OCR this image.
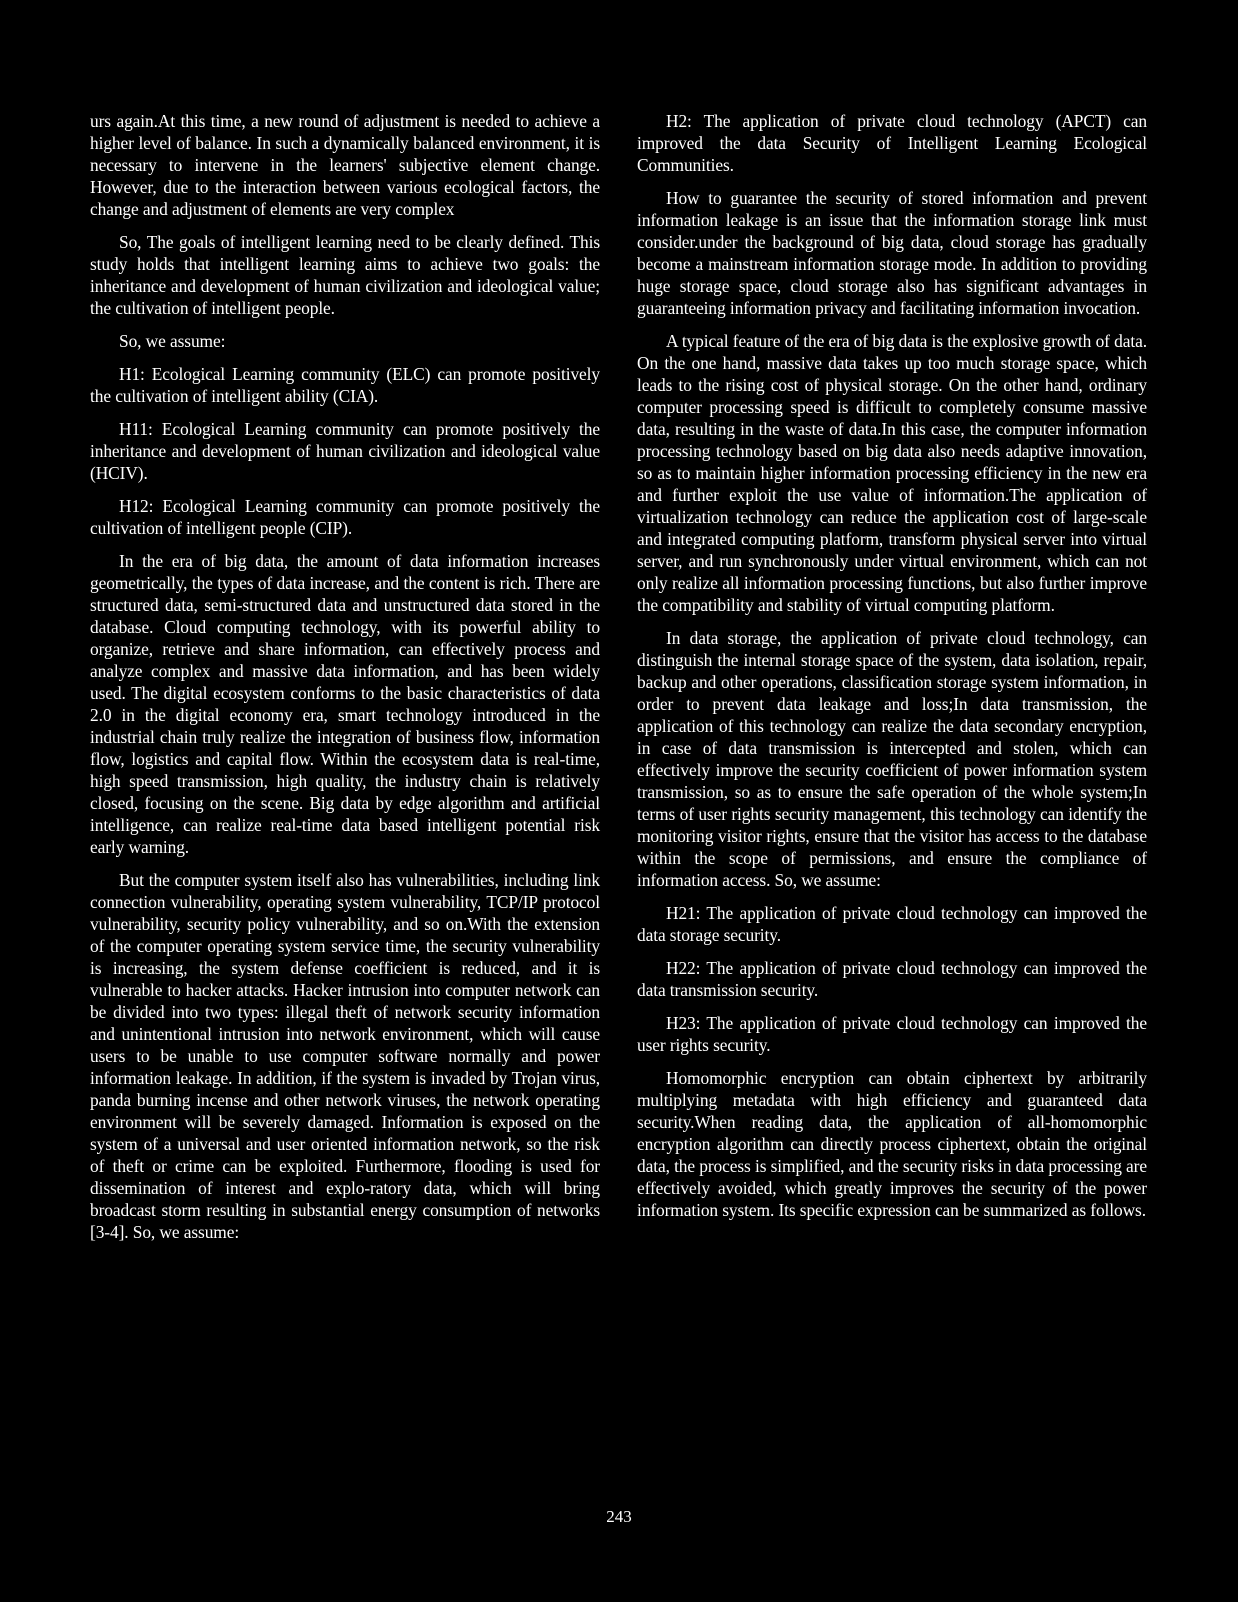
urs again.At this time, a new round of adjustment is needed to achieve a higher level of balance. In such a dynamically balanced environment, it is necessary to intervene in the learners' subjective element change. However, due to the interaction between various ecological factors, the change and adjustment of elements are very complex

So, The goals of intelligent learning need to be clearly defined. This study holds that intelligent learning aims to achieve two goals: the inheritance and development of human civilization and ideological value; the cultivation of intelligent people.

So, we assume:

H1: Ecological Learning community (ELC) can promote positively the cultivation of intelligent ability (CIA).

H11: Ecological Learning community can promote positively the inheritance and development of human civilization and ideological value (HCIV).

H12: Ecological Learning community can promote positively the cultivation of intelligent people (CIP).

In the era of big data, the amount of data information increases geometrically, the types of data increase, and the content is rich. There are structured data, semi-structured data and unstructured data stored in the database. Cloud computing technology, with its powerful ability to organize, retrieve and share information, can effectively process and analyze complex and massive data information, and has been widely used. The digital ecosystem conforms to the basic characteristics of data 2.0 in the digital economy era, smart technology introduced in the industrial chain truly realize the integration of business flow, information flow, logistics and capital flow. Within the ecosystem data is real-time, high speed transmission, high quality, the industry chain is relatively closed, focusing on the scene. Big data by edge algorithm and artificial intelligence, can realize real-time data based intelligent potential risk early warning.

But the computer system itself also has vulnerabilities, including link connection vulnerability, operating system vulnerability, TCP/IP protocol vulnerability, security policy vulnerability, and so on.With the extension of the computer operating system service time, the security vulnerability is increasing, the system defense coefficient is reduced, and it is vulnerable to hacker attacks. Hacker intrusion into computer network can be divided into two types: illegal theft of network security information and unintentional intrusion into network environment, which will cause users to be unable to use computer software normally and power information leakage. In addition, if the system is invaded by Trojan virus, panda burning incense and other network viruses, the network operating environment will be severely damaged. Information is exposed on the system of a universal and user oriented information network, so the risk of theft or crime can be exploited. Furthermore, flooding is used for dissemination of interest and explo-ratory data, which will bring broadcast storm resulting in substantial energy consumption of networks [3-4]. So, we assume:

H2: The application of private cloud technology (APCT) can improved the data Security of Intelligent Learning Ecological Communities.

How to guarantee the security of stored information and prevent information leakage is an issue that the information storage link must consider.under the background of big data, cloud storage has gradually become a mainstream information storage mode. In addition to providing huge storage space, cloud storage also has significant advantages in guaranteeing information privacy and facilitating information invocation.

A typical feature of the era of big data is the explosive growth of data. On the one hand, massive data takes up too much storage space, which leads to the rising cost of physical storage. On the other hand, ordinary computer processing speed is difficult to completely consume massive data, resulting in the waste of data.In this case, the computer information processing technology based on big data also needs adaptive innovation, so as to maintain higher information processing efficiency in the new era and further exploit the use value of information.The application of virtualization technology can reduce the application cost of large-scale and integrated computing platform, transform physical server into virtual server, and run synchronously under virtual environment, which can not only realize all information processing functions, but also further improve the compatibility and stability of virtual computing platform.

In data storage, the application of private cloud technology, can distinguish the internal storage space of the system, data isolation, repair, backup and other operations, classification storage system information, in order to prevent data leakage and loss;In data transmission, the application of this technology can realize the data secondary encryption, in case of data transmission is intercepted and stolen, which can effectively improve the security coefficient of power information system transmission, so as to ensure the safe operation of the whole system;In terms of user rights security management, this technology can identify the monitoring visitor rights, ensure that the visitor has access to the database within the scope of permissions, and ensure the compliance of information access. So, we assume:

H21: The application of private cloud technology can improved the data storage security.

H22: The application of private cloud technology can improved the data transmission security.

H23: The application of private cloud technology can improved the user rights security.

Homomorphic encryption can obtain ciphertext by arbitrarily multiplying metadata with high efficiency and guaranteed data security.When reading data, the application of all-homomorphic encryption algorithm can directly process ciphertext, obtain the original data, the process is simplified, and the security risks in data processing are effectively avoided, which greatly improves the security of the power information system. Its specific expression can be summarized as follows.

243
